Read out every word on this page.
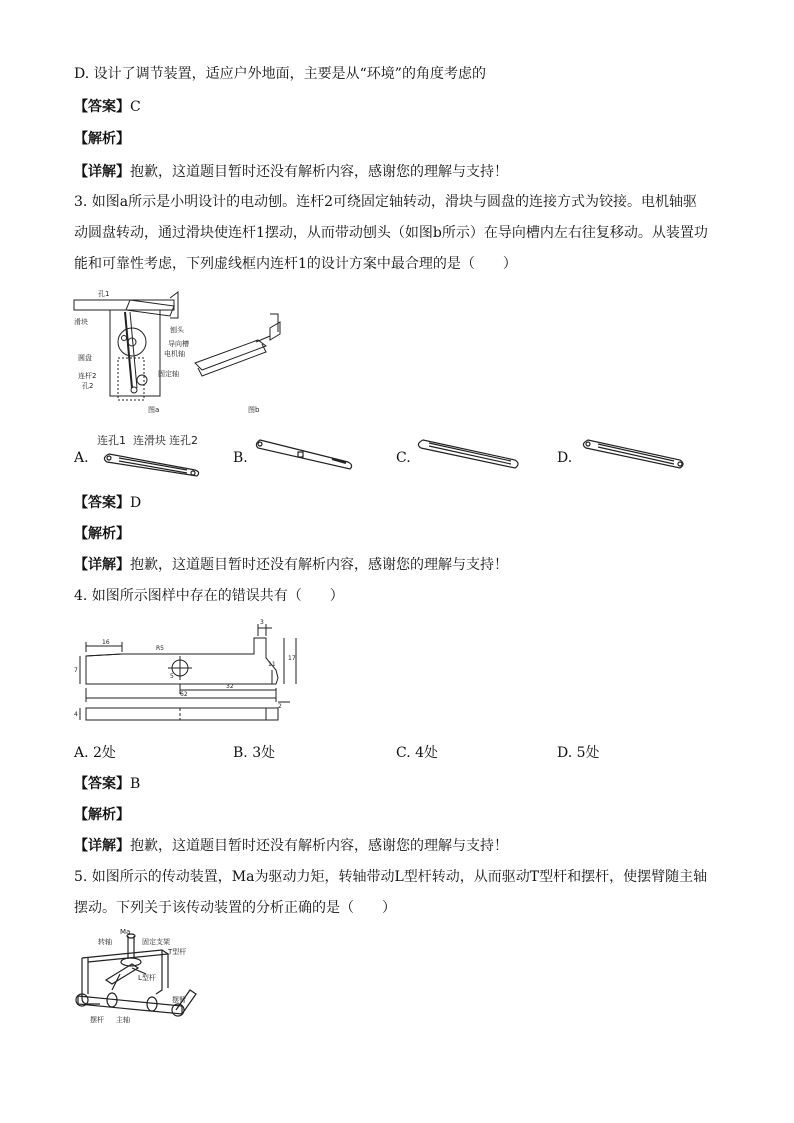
D. 设计了调节装置，适应户外地面，主要是从“环境”的角度考虑的
【答案】C
【解析】
【详解】抱歉，这道题目暂时还没有解析内容，感谢您的理解与支持！
3. 如图a所示是小明设计的电动刨。连杆2可绕固定轴转动，滑块与圆盘的连接方式为铰接。电机轴驱
动圆盘转动，通过滑块使连杆1摆动，从而带动刨头（如图b所示）在导向槽内左右往复移动。从装置功
能和可靠性考虑，下列虚线框内连杆1的设计方案中最合理的是（　　）
孔1
滑块
刨头
导向槽
电机轴
圆盘
固定轴
连杆2
孔2
图a	图b
A.
连孔1 连滑块 连孔2
B.	C.	D.
【答案】D
【解析】
【详解】抱歉，这道题目暂时还没有解析内容，感谢您的理解与支持！
4. 如图所示图样中存在的错误共有（　　）
16
R5
32
62
7
5
3
11
17
4
2
A. 2处	B. 3处	C. 4处	D. 5处
【答案】B
【解析】
【详解】抱歉，这道题目暂时还没有解析内容，感谢您的理解与支持！
5. 如图所示的传动装置，Ma为驱动力矩，转轴带动L型杆转动，从而驱动T型杆和摆杆，使摆臂随主轴
摆动。下列关于该传动装置的分析正确的是（　　）
Ma
转轴	固定支架
T型杆
L型杆
摆臂
摆杆 主轴
